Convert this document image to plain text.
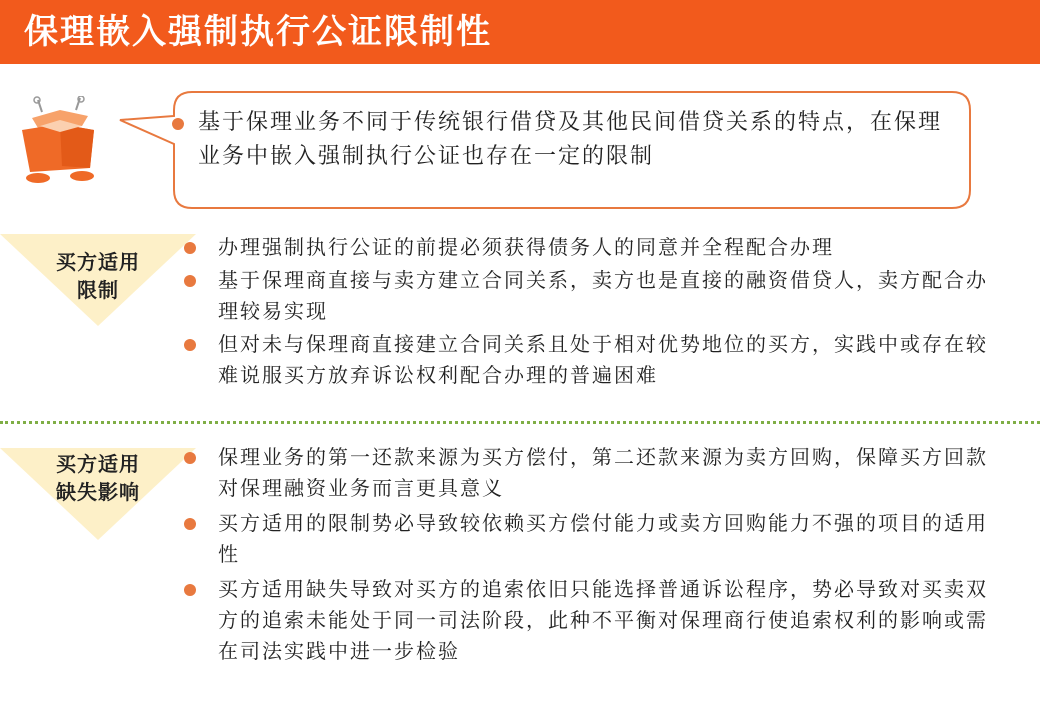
保理嵌入强制执行公证限制性
基于保理业务不同于传统银行借贷及其他民间借贷关系的特点，在保理业务中嵌入强制执行公证也存在一定的限制
买方适用
限制
办理强制执行公证的前提必须获得债务人的同意并全程配合办理
基于保理商直接与卖方建立合同关系，卖方也是直接的融资借贷人，卖方配合办理较易实现
但对未与保理商直接建立合同关系且处于相对优势地位的买方，实践中或存在较难说服买方放弃诉讼权利配合办理的普遍困难
买方适用
缺失影响
保理业务的第一还款来源为买方偿付，第二还款来源为卖方回购，保障买方回款对保理融资业务而言更具意义
买方适用的限制势必导致较依赖买方偿付能力或卖方回购能力不强的项目的适用性
买方适用缺失导致对买方的追索依旧只能选择普通诉讼程序，势必导致对买卖双方的追索未能处于同一司法阶段，此种不平衡对保理商行使追索权利的影响或需在司法实践中进一步检验
